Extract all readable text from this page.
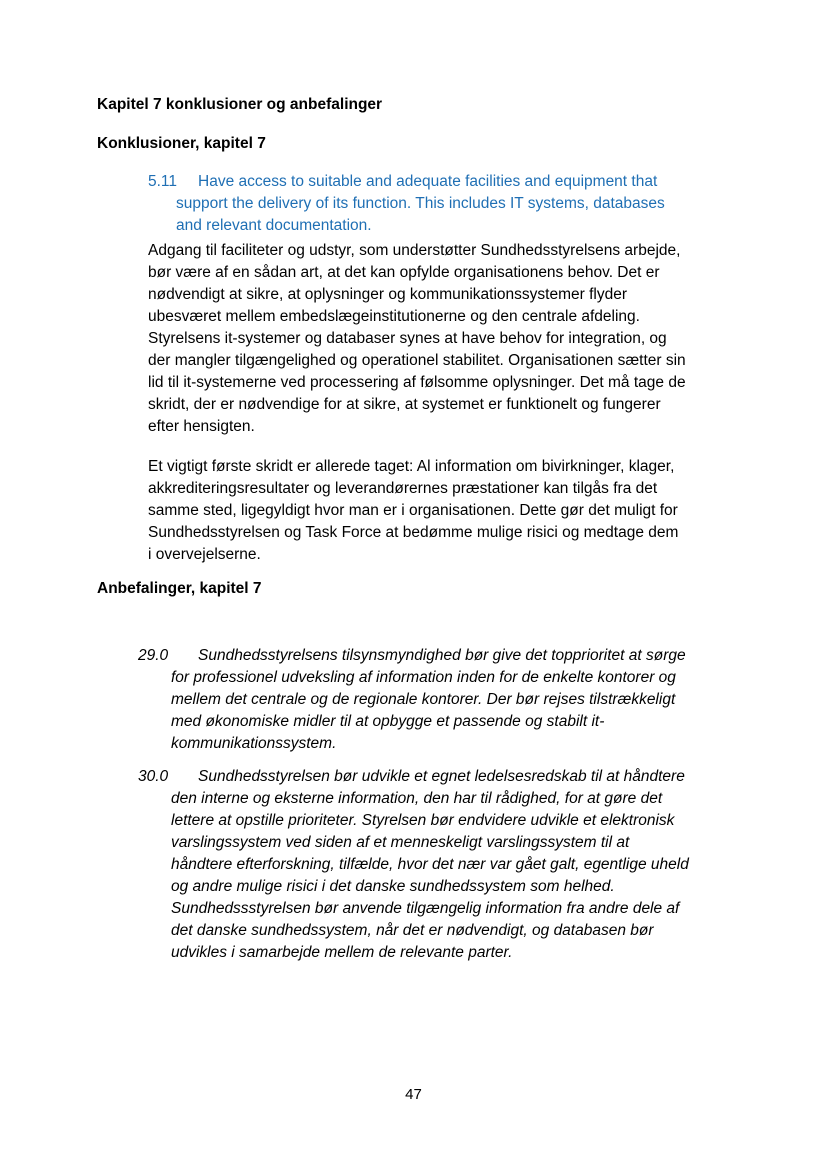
Kapitel 7 konklusioner og anbefalinger

Konklusioner, kapitel 7

5.11 Have access to suitable and adequate facilities and equipment that
support the delivery of its function. This includes IT systems, databases
and relevant documentation.

Adgang til faciliteter og udstyr, som understøtter Sundhedsstyrelsens arbejde,
bør være af en sådan art, at det kan opfylde organisationens behov. Det er
nødvendigt at sikre, at oplysninger og kommunikationssystemer flyder
ubesværet mellem embedslægeinstitutionerne og den centrale afdeling.
Styrelsens it-systemer og databaser synes at have behov for integration, og
der mangler tilgængelighed og operationel stabilitet. Organisationen sætter sin
lid til it-systemerne ved processering af følsomme oplysninger. Det må tage de
skridt, der er nødvendige for at sikre, at systemet er funktionelt og fungerer
efter hensigten.

Et vigtigt første skridt er allerede taget: Al information om bivirkninger, klager,
akkrediteringsresultater og leverandørernes præstationer kan tilgås fra det
samme sted, ligegyldigt hvor man er i organisationen. Dette gør det muligt for
Sundhedsstyrelsen og Task Force at bedømme mulige risici og medtage dem
i overvejelserne.

Anbefalinger, kapitel 7

29.0 Sundhedsstyrelsens tilsynsmyndighed bør give det topprioritet at sørge
for professionel udveksling af information inden for de enkelte kontorer og
mellem det centrale og de regionale kontorer. Der bør rejses tilstrækkeligt
med økonomiske midler til at opbygge et passende og stabilt it-
kommunikationssystem.

30.0 Sundhedsstyrelsen bør udvikle et egnet ledelsesredskab til at håndtere
den interne og eksterne information, den har til rådighed, for at gøre det
lettere at opstille prioriteter. Styrelsen bør endvidere udvikle et elektronisk
varslingssystem ved siden af et menneskeligt varslingssystem til at
håndtere efterforskning, tilfælde, hvor det nær var gået galt, egentlige uheld
og andre mulige risici i det danske sundhedssystem som helhed.
Sundhedssstyrelsen bør anvende tilgængelig information fra andre dele af
det danske sundhedssystem, når det er nødvendigt, og databasen bør
udvikles i samarbejde mellem de relevante parter.

47
